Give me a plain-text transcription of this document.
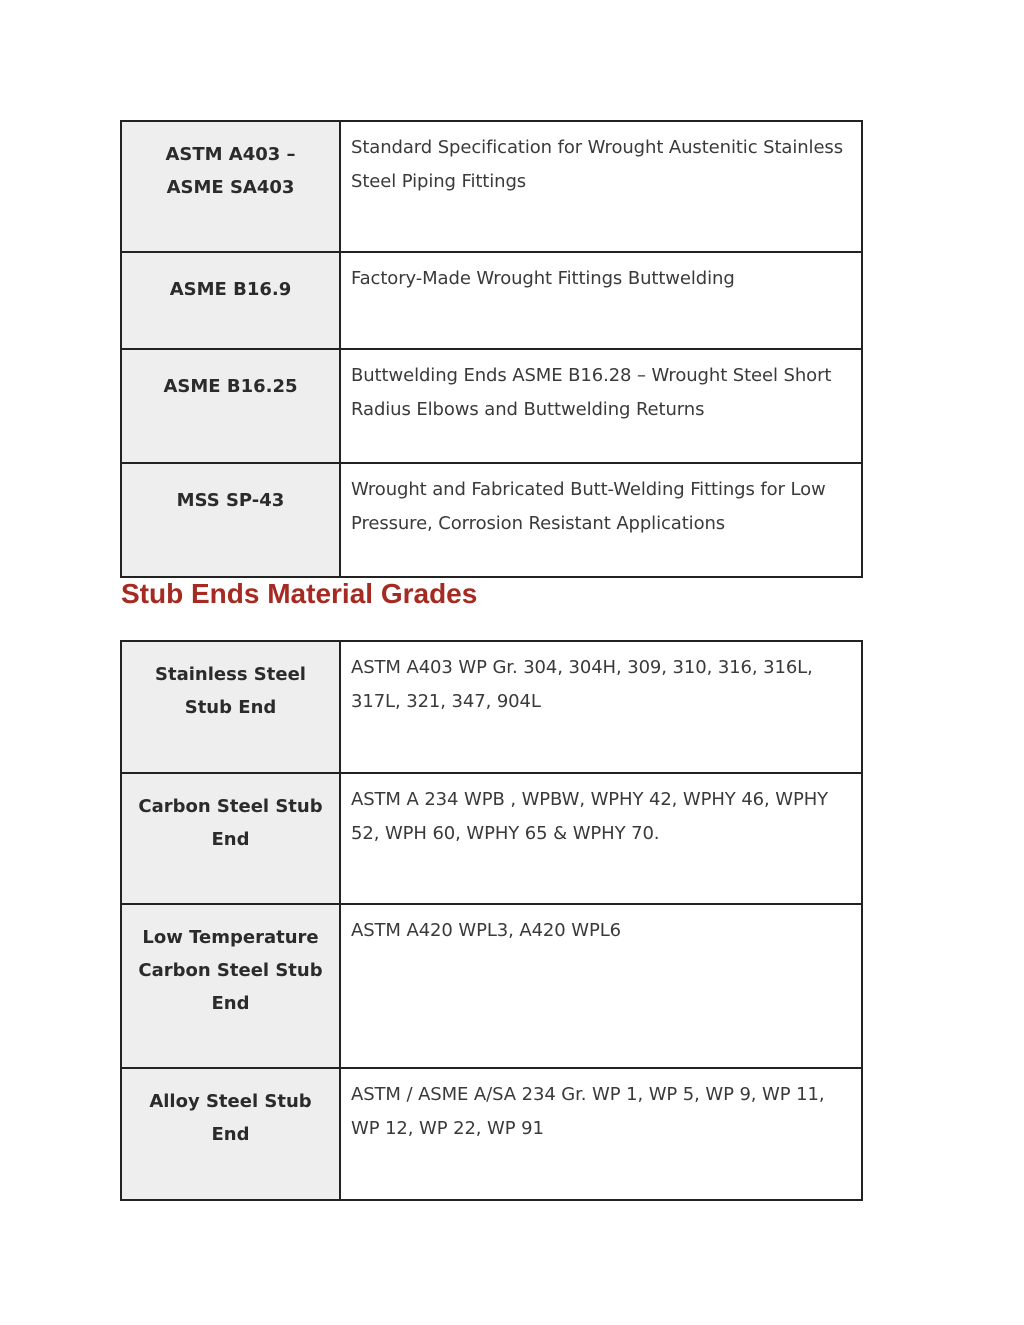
ASTM A403 – ASME SA403	Standard Specification for Wrought Austenitic Stainless Steel Piping Fittings
ASME B16.9	Factory-Made Wrought Fittings Buttwelding
ASME B16.25	Buttwelding Ends ASME B16.28 – Wrought Steel Short Radius Elbows and Buttwelding Returns
MSS SP-43	Wrought and Fabricated Butt-Welding Fittings for Low Pressure, Corrosion Resistant Applications
Stub Ends Material Grades
Stainless Steel Stub End	ASTM A403 WP Gr. 304, 304H, 309, 310, 316, 316L, 317L, 321, 347, 904L
Carbon Steel Stub End	ASTM A 234 WPB , WPBW, WPHY 42, WPHY 46, WPHY 52, WPH 60, WPHY 65 & WPHY 70.
Low Temperature Carbon Steel Stub End	ASTM A420 WPL3, A420 WPL6
Alloy Steel Stub End	ASTM / ASME A/SA 234 Gr. WP 1, WP 5, WP 9, WP 11, WP 12, WP 22, WP 91
